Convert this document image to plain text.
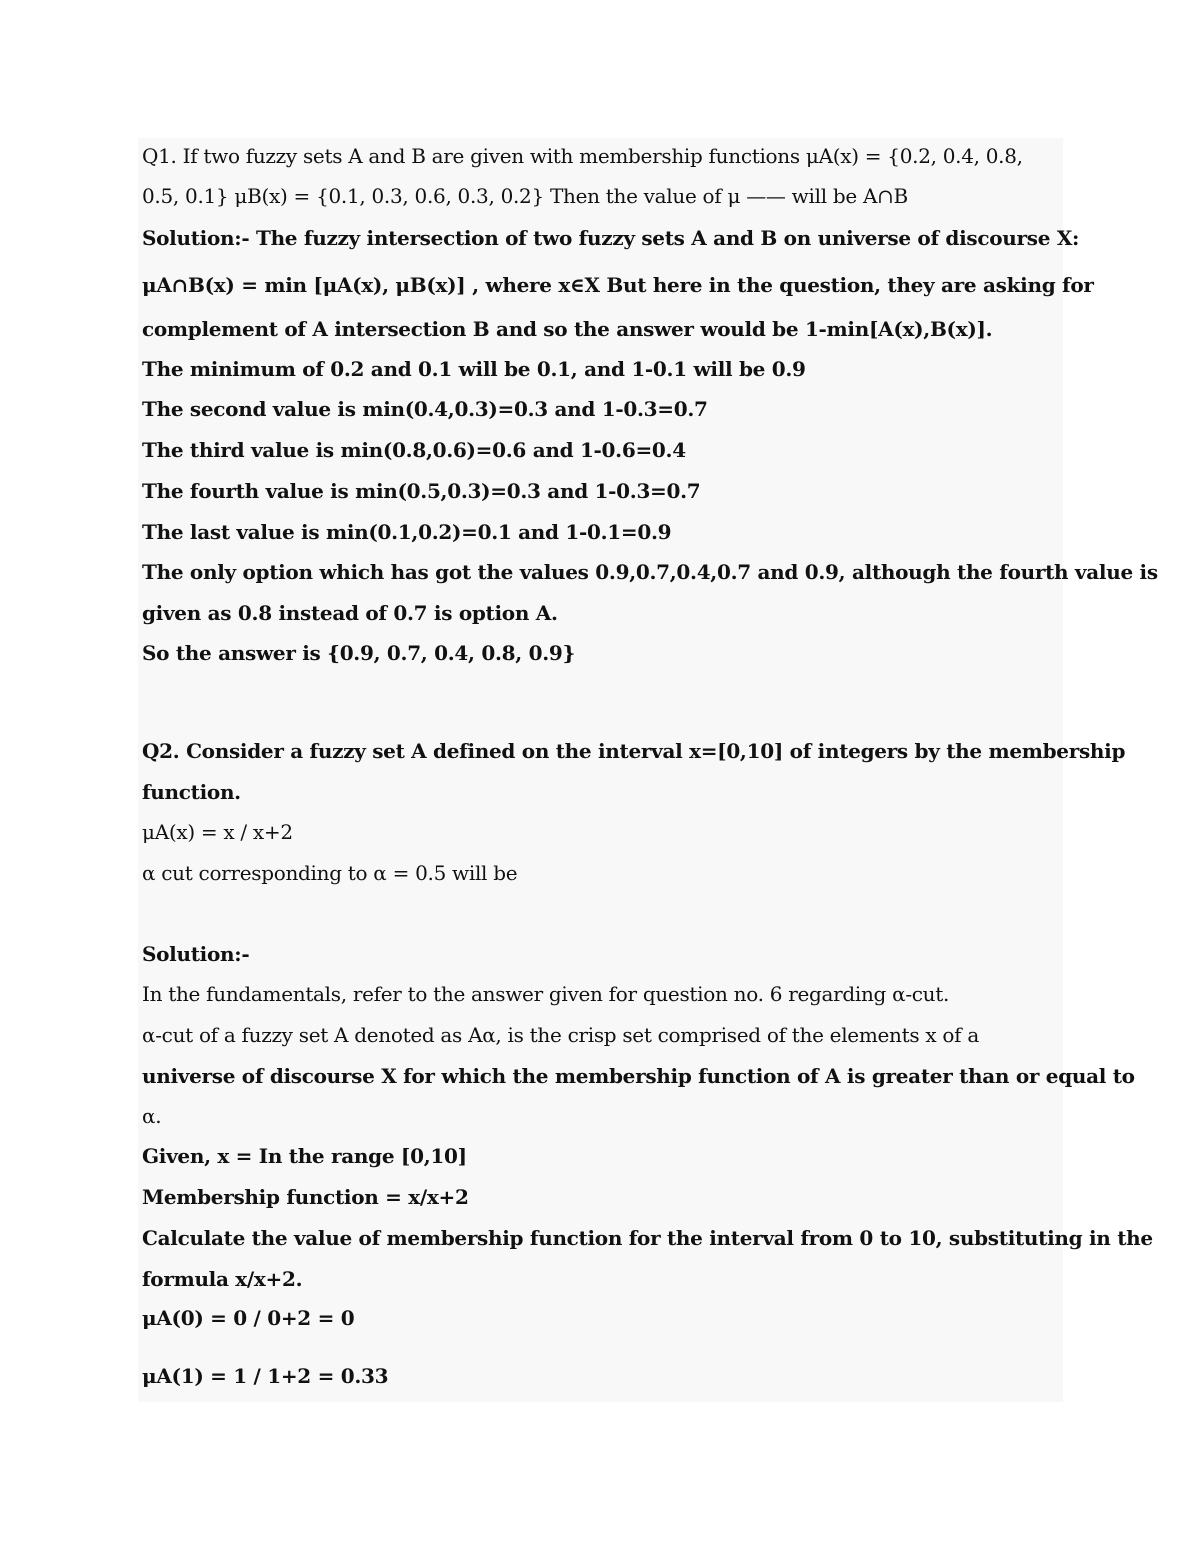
Q1. If two fuzzy sets A and B are given with membership functions μA(x) = {0.2, 0.4, 0.8,
0.5, 0.1} μB(x) = {0.1, 0.3, 0.6, 0.3, 0.2} Then the value of μ —— will be A∩B
Solution:- The fuzzy intersection of two fuzzy sets A and B on universe of discourse X:
μA∩B(x) = min [μA(x), μB(x)] , where x∈X But here in the question, they are asking for
complement of A intersection B and so the answer would be 1-min[A(x),B(x)].
The minimum of 0.2 and 0.1 will be 0.1, and 1-0.1 will be 0.9
The second value is min(0.4,0.3)=0.3 and 1-0.3=0.7
The third value is min(0.8,0.6)=0.6 and 1-0.6=0.4
The fourth value is min(0.5,0.3)=0.3 and 1-0.3=0.7
The last value is min(0.1,0.2)=0.1 and 1-0.1=0.9
The only option which has got the values 0.9,0.7,0.4,0.7 and 0.9, although the fourth value is
given as 0.8 instead of 0.7 is option A.
So the answer is {0.9, 0.7, 0.4, 0.8, 0.9}
Q2. Consider a fuzzy set A defined on the interval x=[0,10] of integers by the membership
function.
μA(x) = x / x+2
α cut corresponding to α = 0.5 will be
Solution:-
In the fundamentals, refer to the answer given for question no. 6 regarding α-cut.
α-cut of a fuzzy set A denoted as Aα, is the crisp set comprised of the elements x of a
universe of discourse X for which the membership function of A is greater than or equal to
α.
Given, x = In the range [0,10]
Membership function = x/x+2
Calculate the value of membership function for the interval from 0 to 10, substituting in the
formula x/x+2.
μA(0) = 0 / 0+2 = 0
μA(1) = 1 / 1+2 = 0.33
